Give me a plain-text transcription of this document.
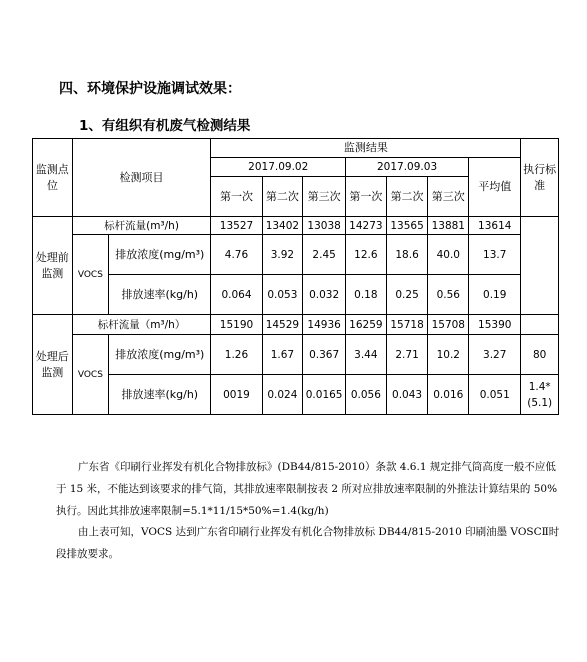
四、环境保护设施调试效果：
1、有组织有机废气检测结果
监测点位	检测项目		监测结果							执行标准
			2017.09.02			2017.09.03			平均值	
			第一次	第二次	第三次	第一次	第二次	第三次		
处理前监测	标杆流量(m³/h)		13527	13402	13038	14273	13565	13881	13614	
	VOCS	排放浓度(mg/m³)	4.76	3.92	2.45	12.6	18.6	40.0	13.7	
		排放速率(kg/h)	0.064	0.053	0.032	0.18	0.25	0.56	0.19	
处理后监测	标杆流量（m³/h）		15190	14529	14936	16259	15718	15708	15390	
	VOCS	排放浓度(mg/m³)	1.26	1.67	0.367	3.44	2.71	10.2	3.27	80
		排放速率(kg/h)	0019	0.024	0.0165	0.056	0.043	0.016	0.051	1.4*(5.1)
广东省《印刷行业挥发有机化合物排放标》(DB44/815-2010）条款 4.6.1 规定排气筒高度一般不应低于 15 米，不能达到该要求的排气筒，其排放速率限制按表 2 所对应排放速率限制的外推法计算结果的 50%执行。因此其排放速率限制=5.1*11/15*50%=1.4(kg/h)
由上表可知，VOCS 达到广东省印刷行业挥发有机化合物排放标 DB44/815-2010 印刷油墨 VOSCⅡ时段排放要求。
